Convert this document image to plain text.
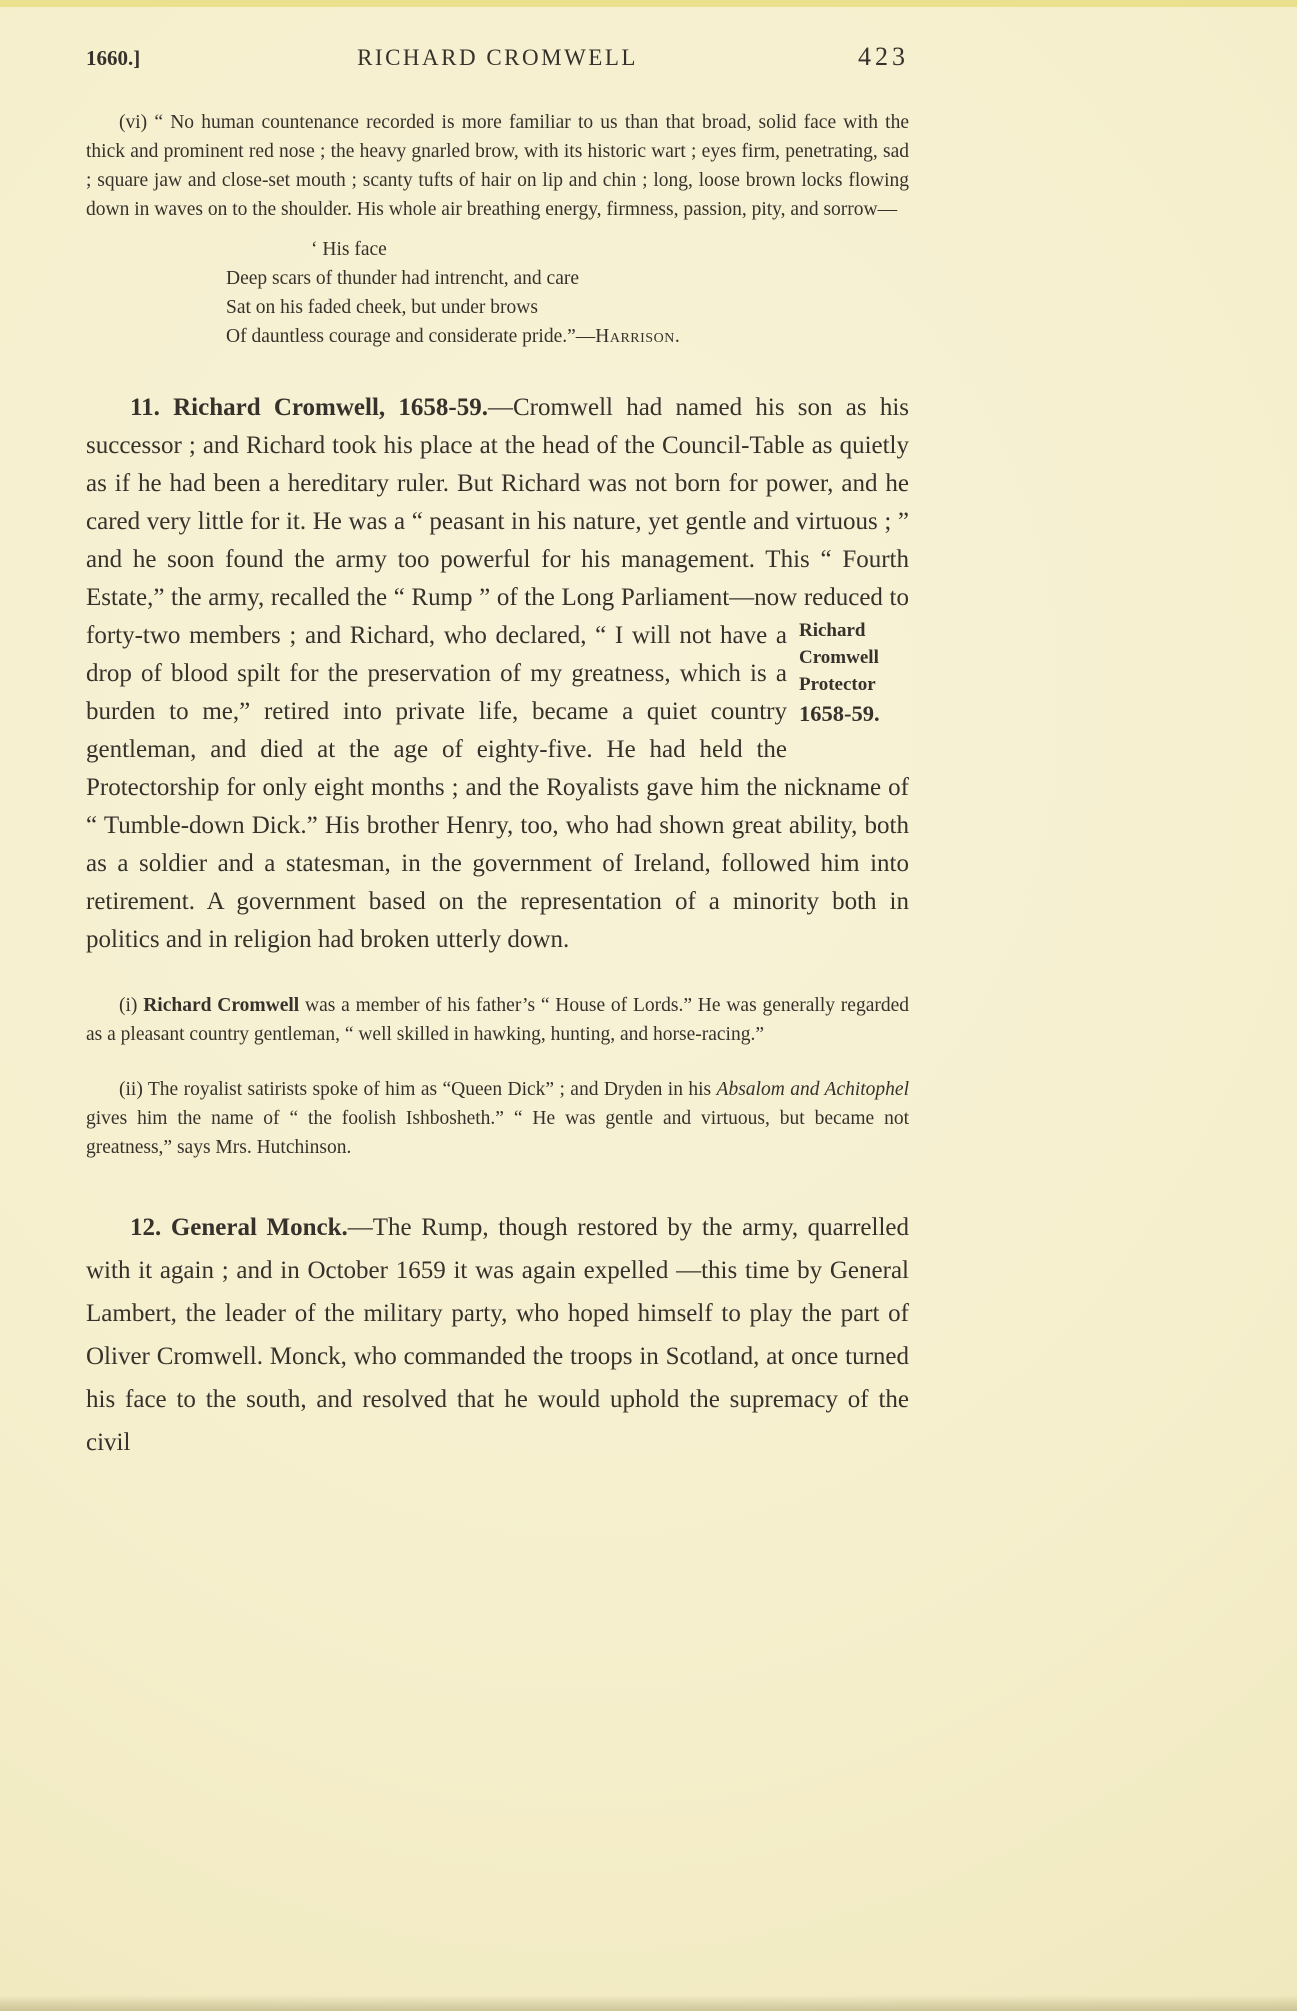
1660.]	RICHARD CROMWELL	423

(vi) “ No human countenance recorded is more familiar to us than that broad, solid face with the thick and prominent red nose ; the heavy gnarled brow, with its historic wart ; eyes firm, penetrating, sad ; square jaw and close-set mouth ; scanty tufts of hair on lip and chin ; long, loose brown locks flowing down in waves on to the shoulder. His whole air breathing energy, firmness, passion, pity, and sorrow—

‘ His face
Deep scars of thunder had intrencht, and care
Sat on his faded cheek, but under brows
Of dauntless courage and considerate pride.”—Harrison.

Richard
Cromwell
Protector
1658-59.
11. Richard Cromwell, 1658-59.—Cromwell had named his son as his successor ; and Richard took his place at the head of the Council-Table as quietly as if he had been a hereditary ruler. But Richard was not born for power, and he cared very little for it. He was a “ peasant in his nature, yet gentle and virtuous ; ” and he soon found the army too powerful for his management. This “ Fourth Estate,” the army, recalled the “ Rump ” of the Long Parliament—now reduced to forty-two members ; and Richard, who declared, “ I will not have a drop of blood spilt for the preservation of my greatness, which is a burden to me,” retired into private life, became a quiet country gentleman, and died at the age of eighty-five. He had held the Protectorship for only eight months ; and the Royalists gave him the nickname of “ Tumble-down Dick.” His brother Henry, too, who had shown great ability, both as a soldier and a statesman, in the government of Ireland, followed him into retirement. A government based on the representation of a minority both in politics and in religion had broken utterly down.

(i) Richard Cromwell was a member of his father’s “ House of Lords.” He was generally regarded as a pleasant country gentleman, “ well skilled in hawking, hunting, and horse-racing.”

(ii) The royalist satirists spoke of him as “Queen Dick” ; and Dryden in his Absalom and Achitophel gives him the name of “ the foolish Ishbosheth.” “ He was gentle and virtuous, but became not greatness,” says Mrs. Hutchinson.

12. General Monck.—The Rump, though restored by the army, quarrelled with it again ; and in October 1659 it was again expelled —this time by General Lambert, the leader of the military party, who hoped himself to play the part of Oliver Cromwell. Monck, who commanded the troops in Scotland, at once turned his face to the south, and resolved that he would uphold the supremacy of the civil
